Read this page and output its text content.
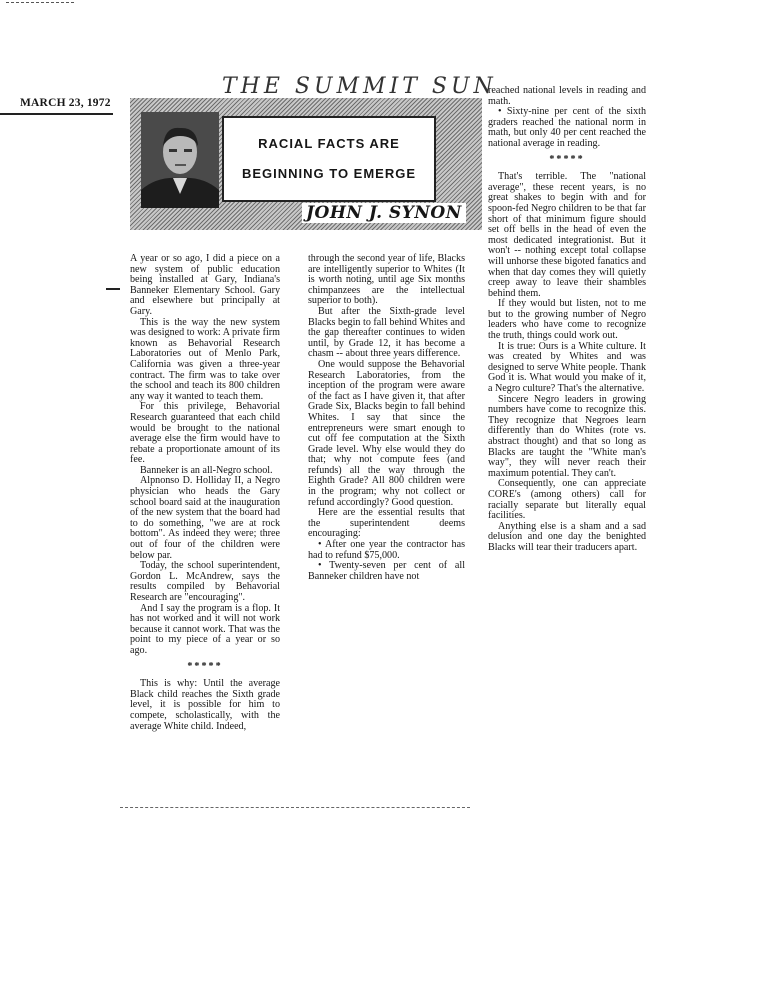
MARCH 23, 1972
THE SUMMIT SUN
RACIAL FACTS ARE
BEGINNING TO EMERGE
JOHN J. SYNON

A year or so ago, I did a piece on a new system of public education being installed at Gary, Indiana's Banneker Elementary School. Gary and elsewhere but principally at Gary.

This is the way the new system was designed to work: A private firm known as Behavorial Research Laboratories out of Menlo Park, California was given a three-year contract. The firm was to take over the school and teach its 800 children any way it wanted to teach them.

For this privilege, Behavorial Research guaranteed that each child would be brought to the national average else the firm would have to rebate a proportionate amount of its fee.

Banneker is an all-Negro school.

Alpnonso D. Holliday II, a Negro physician who heads the Gary school board said at the inauguration of the new system that the board had to do something, "we are at rock bottom". As indeed they were; three out of four of the children were below par.

Today, the school superintendent, Gordon L. McAndrew, says the results compiled by Behavorial Research are "encouraging".

And I say the program is a flop. It has not worked and it will not work because it cannot work. That was the point to my piece of a year or so ago.

*****

This is why: Until the average Black child reaches the Sixth grade level, it is possible for him to compete, scholastically, with the average White child. Indeed,

through the second year of life, Blacks are intelligently superior to Whites (It is worth noting, until age Six months chimpanzees are the intellectual superior to both).

But after the Sixth-grade level Blacks begin to fall behind Whites and the gap thereafter continues to widen until, by Grade 12, it has become a chasm -- about three years difference.

One would suppose the Behavorial Research Laboratories, from the inception of the program were aware of the fact as I have given it, that after Grade Six, Blacks begin to fall behind Whites. I say that since the entrepreneurs were smart enough to cut off fee computation at the Sixth Grade level. Why else would they do that; why not compute fees (and refunds) all the way through the Eighth Grade? All 800 children were in the program; why not collect or refund accordingly? Good question.

Here are the essential results that the superintendent deems encouraging:

• After one year the contractor has had to refund $75,000.

• Twenty-seven per cent of all Banneker children have not

reached national levels in reading and math.

• Sixty-nine per cent of the sixth graders reached the national norm in math, but only 40 per cent reached the national average in reading.

*****

That's terrible. The "national average", these recent years, is no great shakes to begin with and for spoon-fed Negro children to be that far short of that minimum figure should set off bells in the head of even the most dedicated integrationist. But it won't -- nothing except total collapse will unhorse these bigoted fanatics and when that day comes they will quietly creep away to leave their shambles behind them.

If they would but listen, not to me but to the growing number of Negro leaders who have come to recognize the truth, things could work out.

It is true: Ours is a White culture. It was created by Whites and was designed to serve White people. Thank God it is. What would you make of it, a Negro culture? That's the alternative.

Sincere Negro leaders in growing numbers have come to recognize this. They recognize that Negroes learn differently than do Whites (rote vs. abstract thought) and that so long as Blacks are taught the "White man's way", they will never reach their maximum potential. They can't.

Consequently, one can appreciate CORE's (among others) call for racially separate but literally equal facilities.

Anything else is a sham and a sad delusion and one day the benighted Blacks will tear their traducers apart.
